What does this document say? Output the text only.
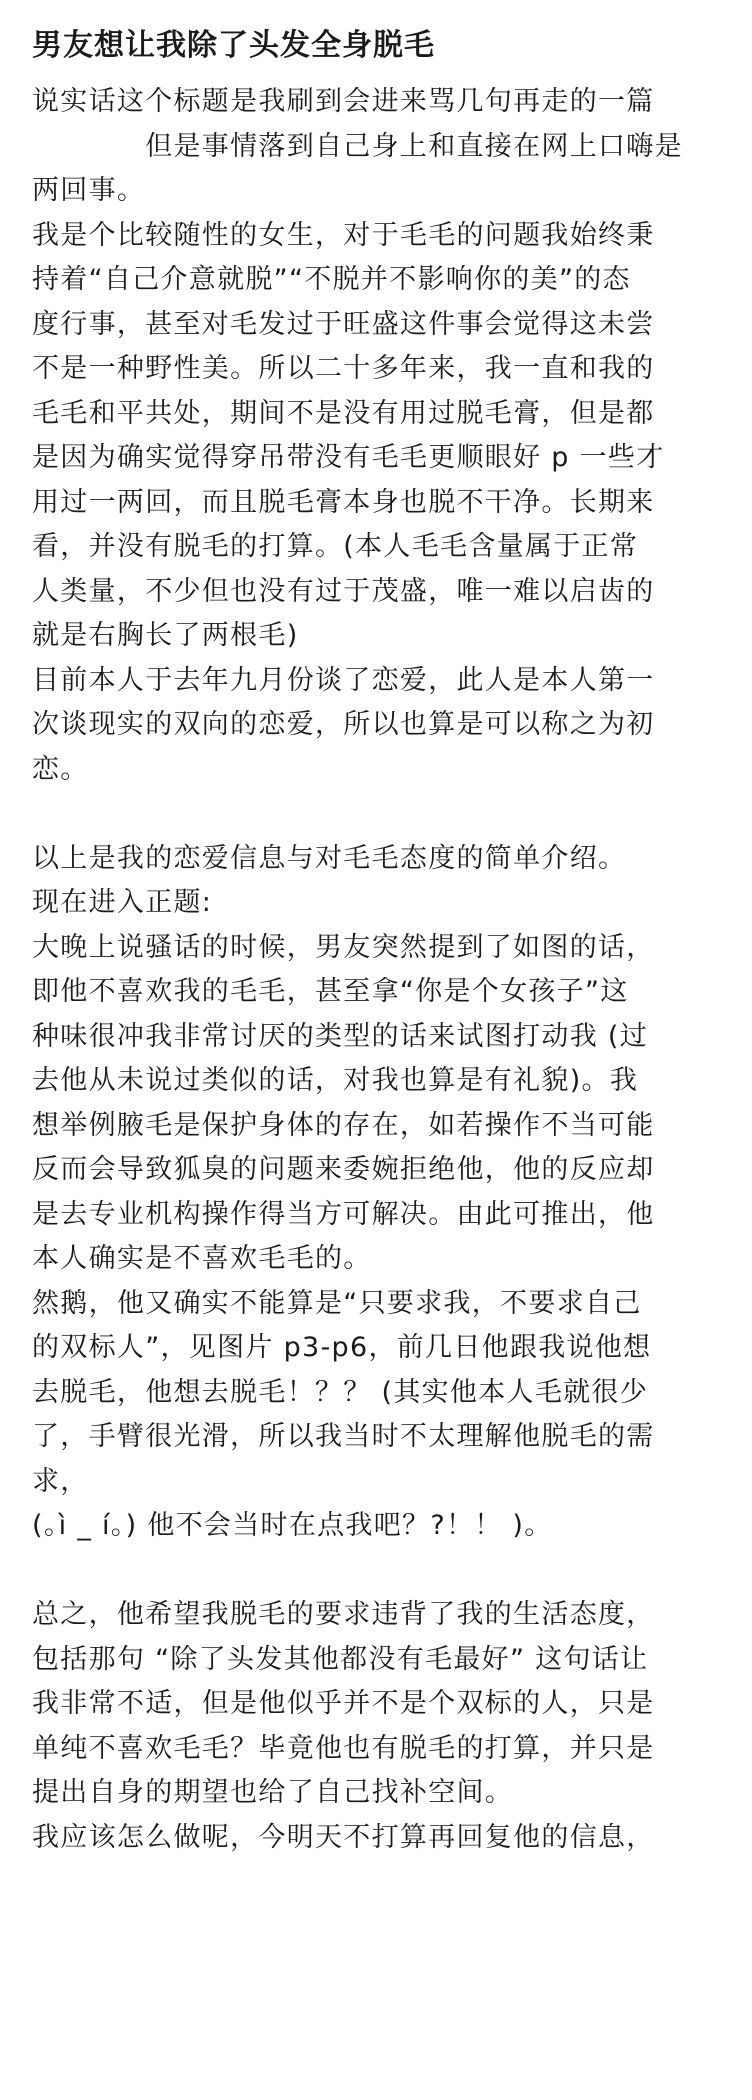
男友想让我除了头发全身脱毛
说实话这个标题是我刷到会进来骂几句再走的一篇
　　　　但是事情落到自己身上和直接在网上口嗨是
两回事。
我是个比较随性的女生，对于毛毛的问题我始终秉
持着“自己介意就脱”“不脱并不影响你的美”的态
度行事，甚至对毛发过于旺盛这件事会觉得这未尝
不是一种野性美。所以二十多年来，我一直和我的
毛毛和平共处，期间不是没有用过脱毛膏，但是都
是因为确实觉得穿吊带没有毛毛更顺眼好 p 一些才
用过一两回，而且脱毛膏本身也脱不干净。长期来
看，并没有脱毛的打算。(本人毛毛含量属于正常
人类量，不少但也没有过于茂盛，唯一难以启齿的
就是右胸长了两根毛)
目前本人于去年九月份谈了恋爱，此人是本人第一
次谈现实的双向的恋爱，所以也算是可以称之为初
恋。
以上是我的恋爱信息与对毛毛态度的简单介绍。
现在进入正题:
大晚上说骚话的时候，男友突然提到了如图的话，
即他不喜欢我的毛毛，甚至拿“你是个女孩子”这
种味很冲我非常讨厌的类型的话来试图打动我 (过
去他从未说过类似的话，对我也算是有礼貌)。我
想举例腋毛是保护身体的存在，如若操作不当可能
反而会导致狐臭的问题来委婉拒绝他，他的反应却
是去专业机构操作得当方可解决。由此可推出，他
本人确实是不喜欢毛毛的。
然鹅，他又确实不能算是“只要求我，不要求自己
的双标人”，见图片 p3-p6，前几日他跟我说他想
去脱毛，他想去脱毛！？？ (其实他本人毛就很少
了，手臂很光滑，所以我当时不太理解他脱毛的需
求，
(｡ì _ í｡) 他不会当时在点我吧？?！！ )。
总之，他希望我脱毛的要求违背了我的生活态度，
包括那句 “除了头发其他都没有毛最好” 这句话让
我非常不适，但是他似乎并不是个双标的人，只是
单纯不喜欢毛毛？毕竟他也有脱毛的打算，并只是
提出自身的期望也给了自己找补空间。
我应该怎么做呢，今明天不打算再回复他的信息，
